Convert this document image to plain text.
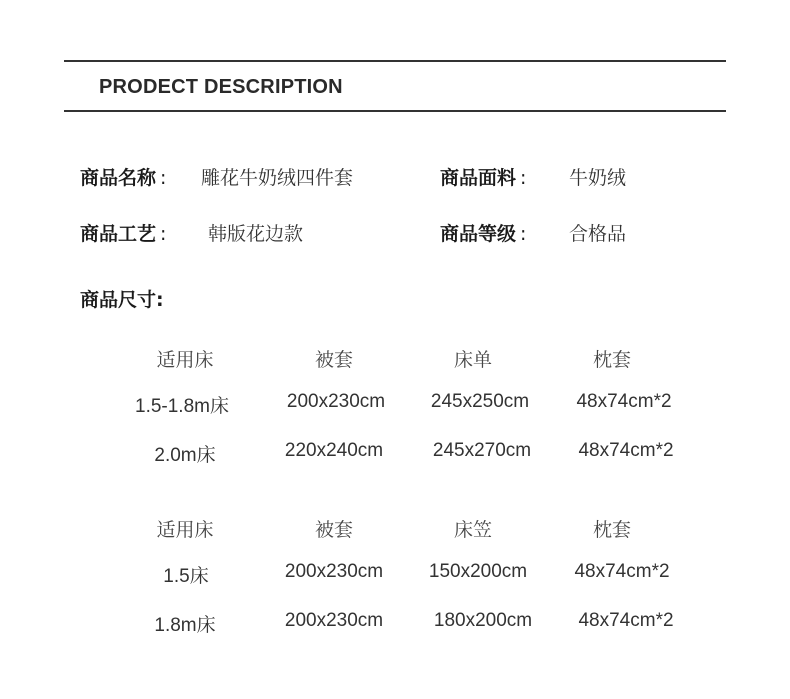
PRODECT DESCRIPTION
商品名称 : 雕花牛奶绒四件套	商品面料 : 牛奶绒
商品工艺 : 韩版花边款	商品等级 : 合格品
商品尺寸:
适用床	被套	床单	枕套
1.5-1.8m床	200x230cm	245x250cm	48x74cm*2
2.0m床	220x240cm	245x270cm	48x74cm*2
适用床	被套	床笠	枕套
1.5床	200x230cm	150x200cm	48x74cm*2
1.8m床	200x230cm	180x200cm	48x74cm*2
